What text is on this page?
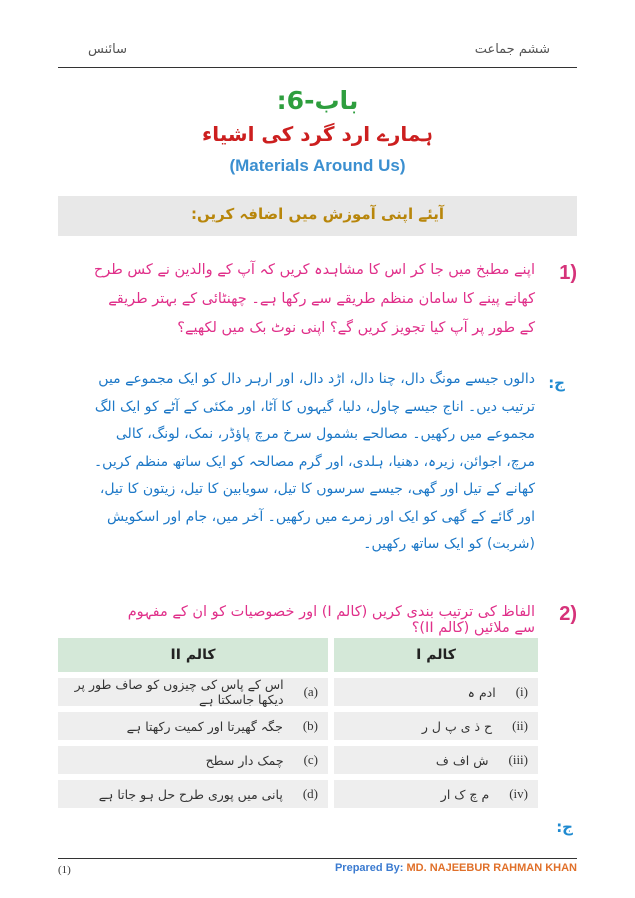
سائنس	ششم جماعت
باب-6:
ہمارے ارد گرد کی اشیاء
(Materials Around Us)
آیئے اپنی آموزش میں اضافہ کریں:
1)
اپنے مطبخ میں جا کر اس کا مشاہدہ کریں کہ آپ کے والدین نے کس طرح کھانے پینے کا سامان منظم طریقے سے رکھا ہے۔ چھنٹائی کے بہتر طریقے کے طور پر آپ کیا تجویز کریں گے؟ اپنی نوٹ بک میں لکھیے؟
ج:
دالوں جیسے مونگ دال، چنا دال، اڑد دال، اور ارہر دال کو ایک مجموعے میں ترتیب دیں۔ اناج جیسے چاول، دلیا، گیہوں کا آٹا، اور مکئی کے آٹے کو ایک الگ مجموعے میں رکھیں۔ مصالحے بشمول سرخ مرچ پاؤڈر، نمک، لونگ، کالی مرچ، اجوائن، زیرہ، دھنیا، ہلدی، اور گرم مصالحہ کو ایک ساتھ منظم کریں۔ کھانے کے تیل اور گھی، جیسے سرسوں کا تیل، سویابین کا تیل، زیتون کا تیل، اور گائے کے گھی کو ایک اور زمرے میں رکھیں۔ آخر میں، جام اور اسکویش (شربت) کو ایک ساتھ رکھیں۔
2)
الفاظ کی ترتیب بندی کریں (کالم I) اور خصوصیات کو ان کے مفہوم سے ملائیں (کالم II)؟
کالم I
(i)
ادم ہ
(ii)
ح ذ ی پ ل ر
(iii)
ش اف ف
(iv)
م چ ک ار
کالم II
(a)
اس کے پاس کی چیزوں کو صاف طور پر دیکھا جاسکتا ہے
(b)
جگہ گھیرتا اور کمیت رکھتا ہے
(c)
چمک دار سطح
(d)
پانی میں پوری طرح حل ہو جاتا ہے
ج:
(1)	Prepared By: MD. NAJEEBUR RAHMAN KHAN
